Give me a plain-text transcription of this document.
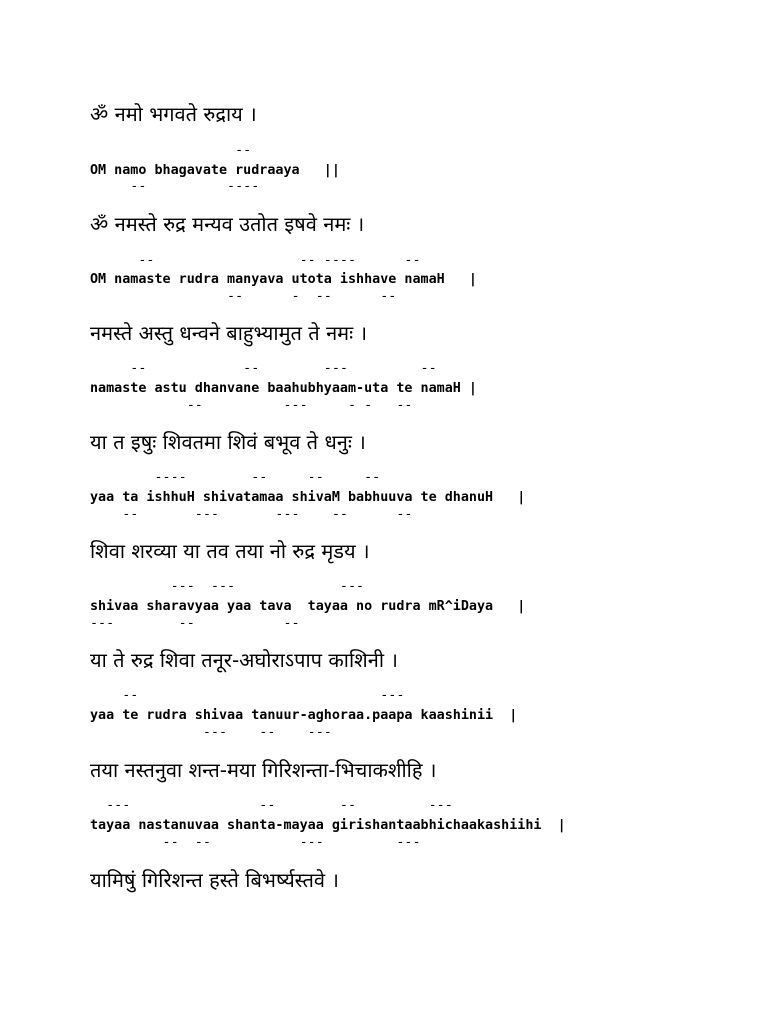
ॐ नमो भगवते रुद्राय ।
--
OM namo bhagavate rudraaya   ||
--          ----
ॐ नमस्ते रुद्र मन्यव उतोत इषवे नमः ।
--                  -- ----      --
OM namaste rudra manyava utota ishhave namaH   |
--      -  --      --
नमस्ते अस्तु धन्वने बाहुभ्यामुत ते नमः ।
--            --        ---         --
namaste astu dhanvane baahubhyaam-uta te namaH |
--          ---     - -   --
या त इषुः शिवतमा शिवं बभूव ते धनुः ।
----        --     --     --
yaa ta ishhuH shivatamaa shivaM babhuuva te dhanuH   |
--       ---       ---    --      --
शिवा शरव्या या तव तया नो रुद्र मृडय ।
---  ---             ---
shivaa sharavyaa yaa tava  tayaa no rudra mR^iDaya   |
---        --           --
या ते रुद्र शिवा तनूर-अघोराऽपाप काशिनी ।
--                              ---
yaa te rudra shivaa tanuur-aghoraa.paapa kaashinii  |
---    --    ---
तया नस्तनुवा शन्त-मया गिरिशन्ता-भिचाकशीहि ।
---                --        --         ---
tayaa nastanuvaa shanta-mayaa girishantaabhichaakashiihi  |
--  --           ---         ---
यामिषुं गिरिशन्त हस्ते बिभर्ष्यस्तवे ।
